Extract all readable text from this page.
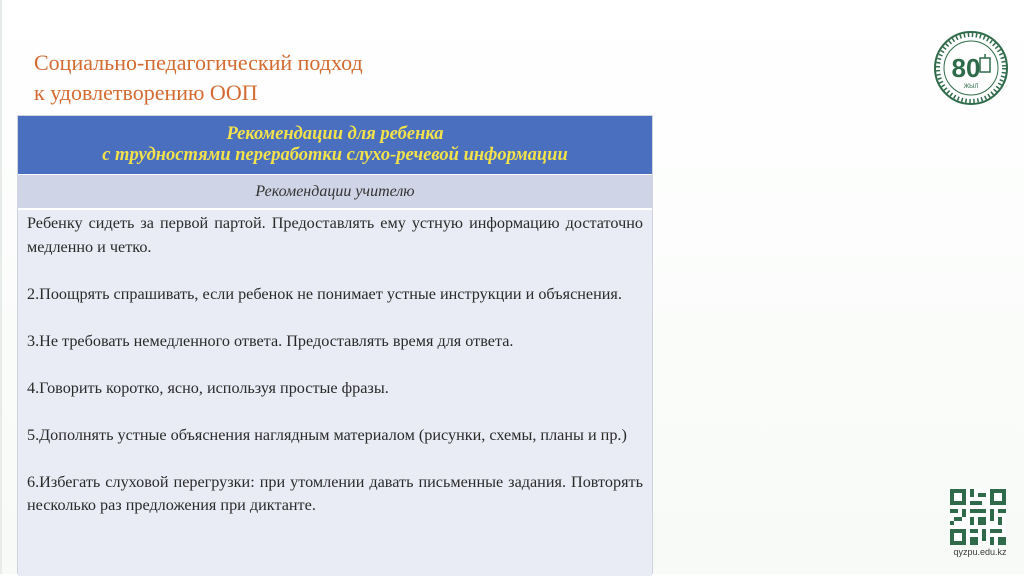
Социально-педагогический подход
к удовлетворению ООП
80
ЖЫЛ
Рекомендации для ребенка
с трудностями переработки слухо-речевой информации
Рекомендации учителю

Ребенку сидеть за первой партой. Предоставлять ему устную информацию достаточно медленно и четко.

2.Поощрять спрашивать, если ребенок не понимает устные инструкции и объяснения.

3.Не требовать немедленного ответа. Предоставлять время для ответа.

4.Говорить коротко, ясно, используя простые фразы.

5.Дополнять устные объяснения наглядным материалом (рисунки, схемы, планы и пр.)

6.Избегать слуховой перегрузки: при утомлении давать письменные задания. Повторять несколько раз предложения при диктанте.

qyzpu.edu.kz
